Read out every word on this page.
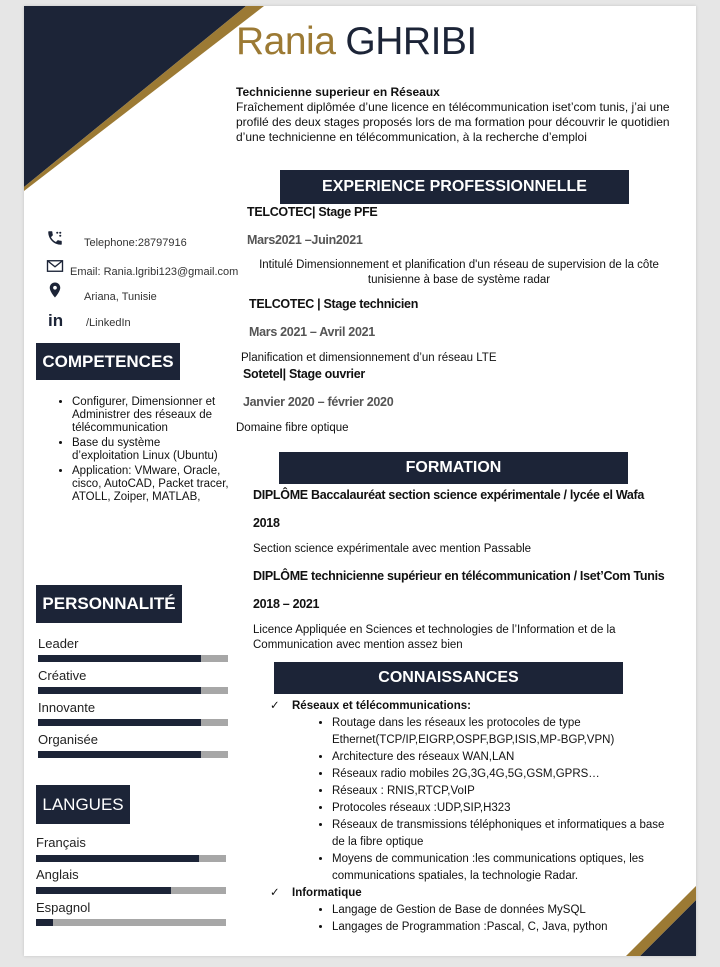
Rania GHRIBI
Technicienne superieur en Réseaux
Fraîchement diplômée d’une licence en télécommunication iset’com tunis, j’ai une profilé des deux stages proposés lors de ma formation pour découvrir le quotidien d’une technicienne en télécommunication, à la recherche d’emploi
Telephone:28797916
Email: Rania.lgribi123@gmail.com
Ariana, Tunisie
in /LinkedIn
COMPETENCES
• Configurer, Dimensionner et Administrer des réseaux de télécommunication
• Base du système d’exploitation Linux (Ubuntu)
• Application: VMware, Oracle, cisco, AutoCAD, Packet tracer, ATOLL, Zoiper, MATLAB,
PERSONNALITÉ
Leader
Créative
Innovante
Organisée
LANGUES
Français
Anglais
Espagnol
EXPERIENCE PROFESSIONNELLE
TELCOTEC| Stage PFE
Mars2021 –Juin2021
Intitulé Dimensionnement et planification d'un réseau de supervision de la côte tunisienne à base de système radar
TELCOTEC | Stage technicien
Mars 2021 – Avril 2021
Planification et dimensionnement d’un réseau LTE
Sotetel| Stage ouvrier
Janvier 2020 – février 2020
Domaine fibre optique
FORMATION
DIPLÔME Baccalauréat section science expérimentale / lycée el Wafa
2018
Section science expérimentale avec mention Passable
DIPLÔME technicienne supérieur en télécommunication / Iset’Com Tunis
2018 – 2021
Licence Appliquée en Sciences et technologies de l’Information et de la Communication avec mention assez bien
CONNAISSANCES
✓ Réseaux et télécommunications:
• Routage dans les réseaux les protocoles de type Ethernet(TCP/IP,EIGRP,OSPF,BGP,ISIS,MP-BGP,VPN)
• Architecture des réseaux WAN,LAN
• Réseaux radio mobiles 2G,3G,4G,5G,GSM,GPRS…
• Réseaux : RNIS,RTCP,VoIP
• Protocoles réseaux :UDP,SIP,H323
• Réseaux de transmissions téléphoniques et informatiques a base de la fibre optique
• Moyens de communication :les communications optiques, les communications spatiales, la technologie Radar.
✓ Informatique
• Langage de Gestion de Base de données MySQL
• Langages de Programmation :Pascal, C, Java, python
